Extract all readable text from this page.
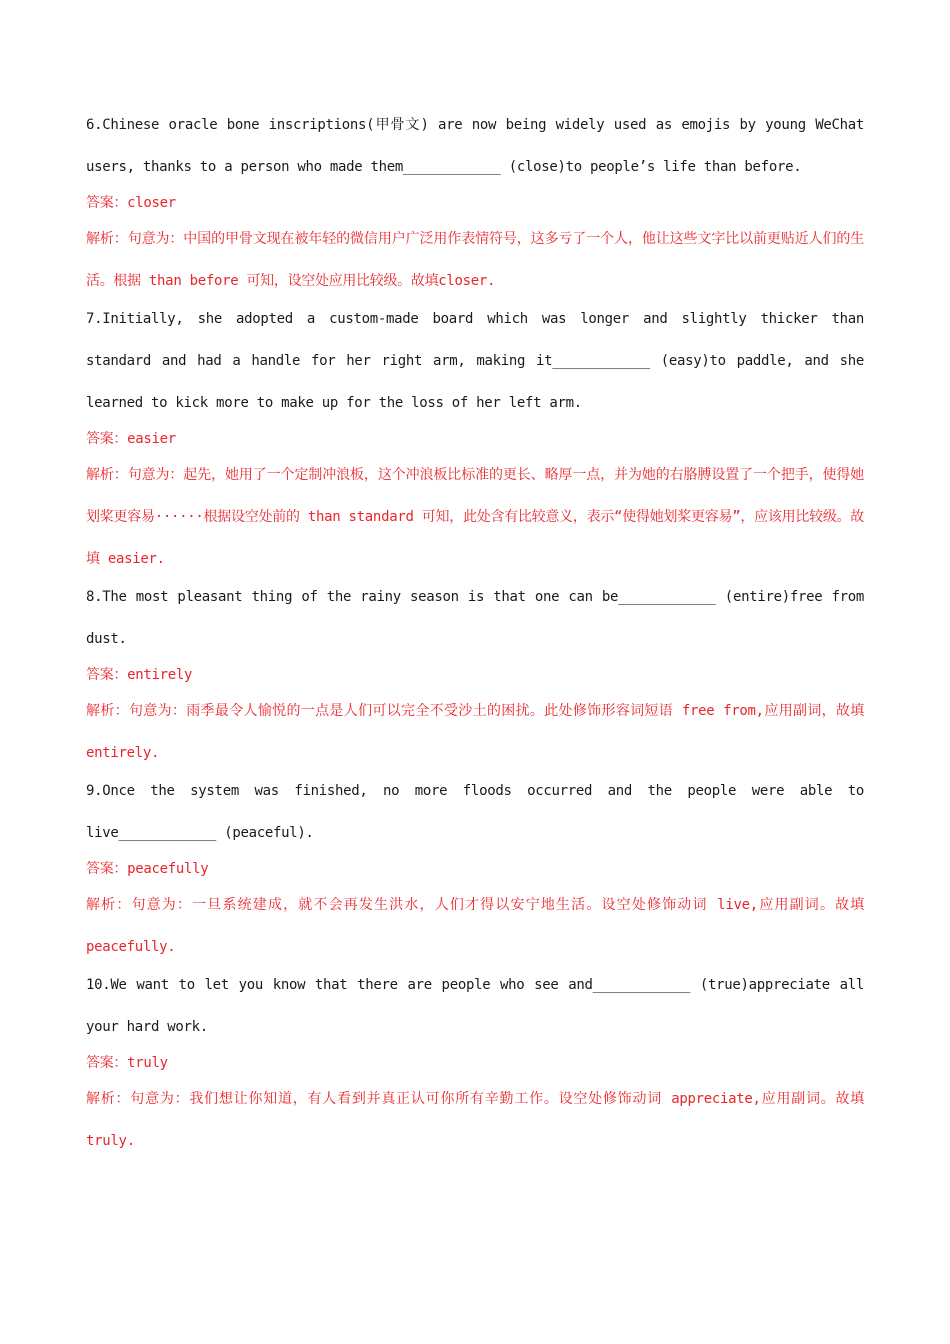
6.Chinese oracle bone inscriptions(甲骨文) are now being widely used as emojis by young WeChat users, thanks to a person who made them____________ (close)to people’s life than before.

答案：closer

解析：句意为：中国的甲骨文现在被年轻的微信用户广泛用作表情符号，这多亏了一个人，他让这些文字比以前更贴近人们的生活。根据 than before 可知，设空处应用比较级。故填closer.

7.Initially, she adopted a custom-made board which was longer and slightly thicker than standard and had a handle for her right arm, making it____________ (easy)to paddle, and she learned to kick more to make up for the loss of her left arm.

答案：easier

解析：句意为：起先，她用了一个定制冲浪板，这个冲浪板比标准的更长、略厚一点，并为她的右胳膊设置了一个把手，使得她划桨更容易······根据设空处前的 than standard 可知，此处含有比较意义，表示“使得她划桨更容易”，应该用比较级。故填 easier.

8.The most pleasant thing of the rainy season is that one can be____________ (entire)free from dust.

答案：entirely

解析：句意为：雨季最令人愉悦的一点是人们可以完全不受沙土的困扰。此处修饰形容词短语 free from,应用副词，故填entirely.

9.Once the system was finished, no more floods occurred and the people were able to live____________ (peaceful).

答案：peacefully

解析：句意为：一旦系统建成，就不会再发生洪水，人们才得以安宁地生活。设空处修饰动词 live,应用副词。故填 peacefully.

10.We want to let you know that there are people who see and____________ (true)appreciate all your hard work.

答案：truly

解析：句意为：我们想让你知道，有人看到并真正认可你所有辛勤工作。设空处修饰动词 appreciate,应用副词。故填 truly.
